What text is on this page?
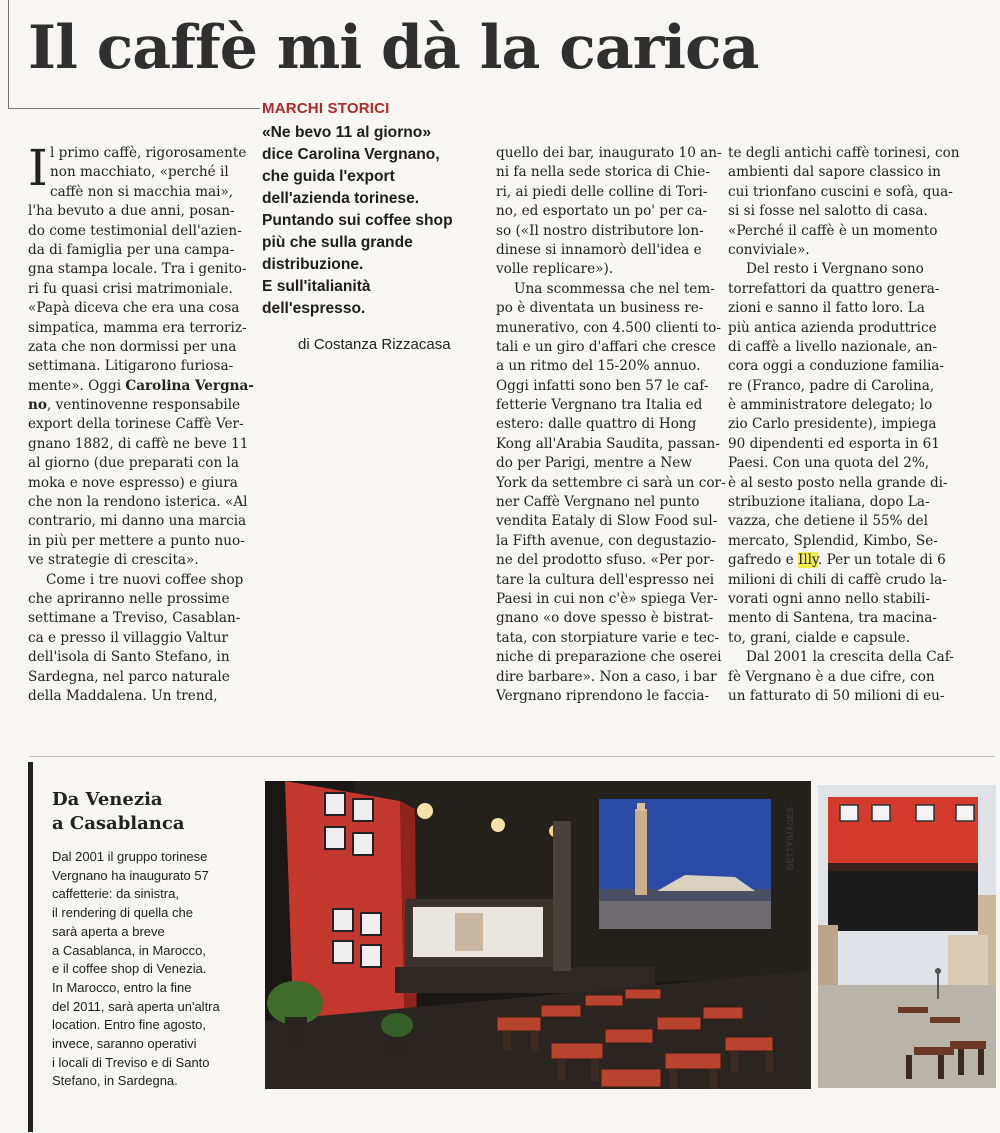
Il caffè mi dà la carica
MARCHI STORICI
«Ne bevo 11 al giorno»
dice Carolina Vergnano,
che guida l'export
dell'azienda torinese.
Puntando sui coffee shop
più che sulla grande
distribuzione.
E sull'italianità
dell'espresso.
di Costanza Rizzacasa
I l primo caffè, rigorosamente
non macchiato, «perché il
caffè non si macchia mai»,
l'ha bevuto a due anni, posan-
do come testimonial dell'azien-
da di famiglia per una campa-
gna stampa locale. Tra i genito-
ri fu quasi crisi matrimoniale.
«Papà diceva che era una cosa
simpatica, mamma era terroriz-
zata che non dormissi per una
settimana. Litigarono furiosa-
mente». Oggi Carolina Vergna-
no, ventinovenne responsabile
export della torinese Caffè Ver-
gnano 1882, di caffè ne beve 11
al giorno (due preparati con la
moka e nove espresso) e giura
che non la rendono isterica. «Al
contrario, mi danno una marcia
in più per mettere a punto nuo-
ve strategie di crescita».
Come i tre nuovi coffee shop
che apriranno nelle prossime
settimane a Treviso, Casablan-
ca e presso il villaggio Valtur
dell'isola di Santo Stefano, in
Sardegna, nel parco naturale
della Maddalena. Un trend,
quello dei bar, inaugurato 10 an-
ni fa nella sede storica di Chie-
ri, ai piedi delle colline di Tori-
no, ed esportato un po' per ca-
so («Il nostro distributore lon-
dinese si innamorò dell'idea e
volle replicare»).
Una scommessa che nel tem-
po è diventata un business re-
munerativo, con 4.500 clienti to-
tali e un giro d'affari che cresce
a un ritmo del 15-20% annuo.
Oggi infatti sono ben 57 le caf-
fetterie Vergnano tra Italia ed
estero: dalle quattro di Hong
Kong all'Arabia Saudita, passan-
do per Parigi, mentre a New
York da settembre ci sarà un cor-
ner Caffè Vergnano nel punto
vendita Eataly di Slow Food sul-
la Fifth avenue, con degustazio-
ne del prodotto sfuso. «Per por-
tare la cultura dell'espresso nei
Paesi in cui non c'è» spiega Ver-
gnano «o dove spesso è bistrat-
tata, con storpiature varie e tec-
niche di preparazione che oserei
dire barbare». Non a caso, i bar
Vergnano riprendono le faccia-
te degli antichi caffè torinesi, con
ambienti dal sapore classico in
cui trionfano cuscini e sofà, qua-
si si fosse nel salotto di casa.
«Perché il caffè è un momento
conviviale».
Del resto i Vergnano sono
torrefattori da quattro genera-
zioni e sanno il fatto loro. La
più antica azienda produttrice
di caffè a livello nazionale, an-
cora oggi a conduzione familia-
re (Franco, padre di Carolina,
è amministratore delegato; lo
zio Carlo presidente), impiega
90 dipendenti ed esporta in 61
Paesi. Con una quota del 2%,
è al sesto posto nella grande di-
stribuzione italiana, dopo La-
vazza, che detiene il 55% del
mercato, Splendid, Kimbo, Se-
gafredo e Illy. Per un totale di 6
milioni di chili di caffè crudo la-
vorati ogni anno nello stabili-
mento di Santena, tra macina-
to, grani, cialde e capsule.
Dal 2001 la crescita della Caf-
fè Vergnano è a due cifre, con
un fatturato di 50 milioni di eu-
Da Venezia
a Casablanca
Dal 2001 il gruppo torinese
Vergnano ha inaugurato 57
caffetterie: da sinistra,
il rendering di quella che
sarà aperta a breve
a Casablanca, in Marocco,
e il coffee shop di Venezia.
In Marocco, entro la fine
del 2011, sarà aperta un'altra
location. Entro fine agosto,
invece, saranno operativi
i locali di Treviso e di Santo
Stefano, in Sardegna.
GETTYIMAGES
